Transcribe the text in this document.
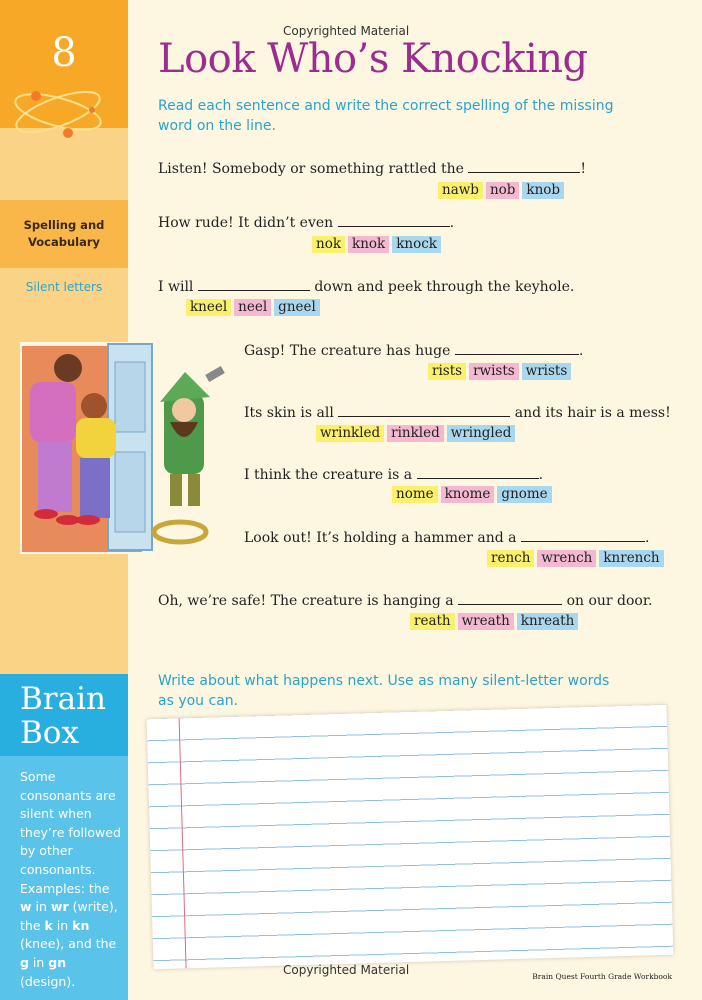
8
Spelling and Vocabulary
Silent letters
Brain Box
Some consonants are silent when they’re followed by other consonants. Examples: the w in wr (write), the k in kn (knee), and the g in gn (design).
Copyrighted Material
Look Who’s Knocking
Read each sentence and write the correct spelling of the missing word on the line.
Listen! Somebody or something rattled the	!
nawb nob knob
How rude! It didn’t even	.
nok knok knock
I will	down and peek through the keyhole.
kneel neel gneel
Gasp! The creature has huge	.
rists rwists wrists
Its skin is all	and its hair is a mess!
wrinkled rinkled wringled
I think the creature is a	.
nome knome gnome
Look out! It’s holding a hammer and a	.
rench wrench knrench
Oh, we’re safe! The creature is hanging a	on our door.
reath wreath knreath
Write about what happens next. Use as many silent-letter words as you can.
Copyrighted Material	Brain Quest Fourth Grade Workbook
